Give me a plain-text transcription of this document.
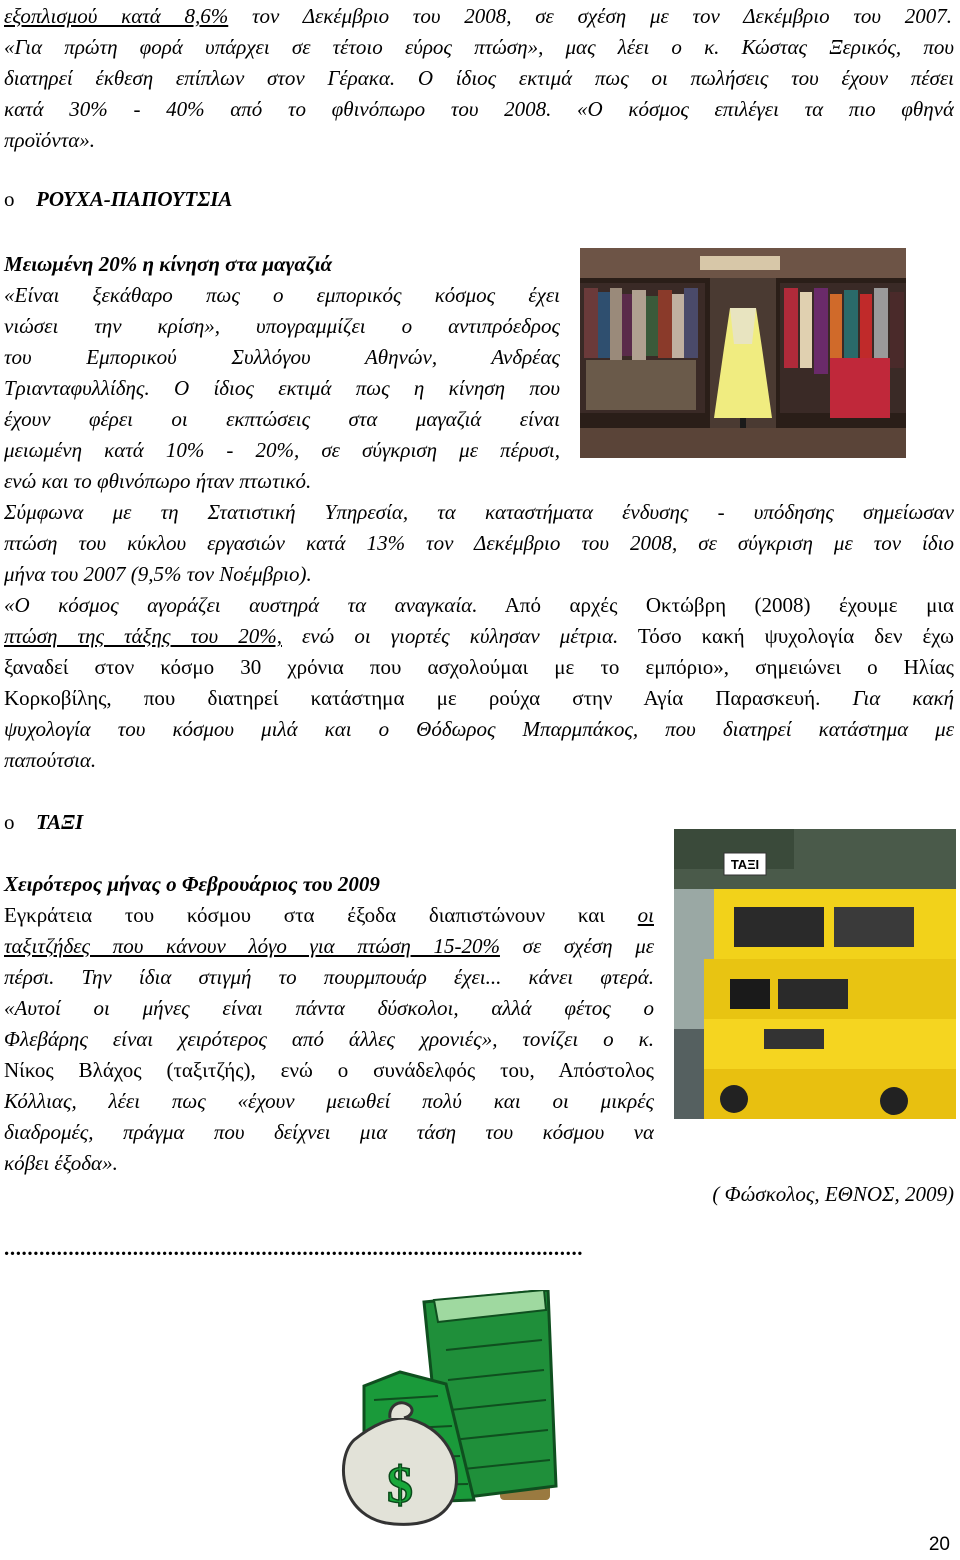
εξοπλισμού κατά 8,6% τον Δεκέμβριο του 2008, σε σχέση με τον Δεκέμβριο του 2007.
«Για πρώτη φορά υπάρχει σε τέτοιο εύρος πτώση», μας λέει ο κ. Κώστας Ξερικός, που
διατηρεί έκθεση επίπλων στον Γέρακα. Ο ίδιος εκτιμά πως οι πωλήσεις του έχουν πέσει
κατά 30% - 40% από το φθινόπωρο του 2008. «Ο κόσμος επιλέγει τα πιο φθηνά
προϊόντα».
o ΡΟΥΧΑ-ΠΑΠΟΥΤΣΙΑ
Μειωμένη 20% η κίνηση στα μαγαζιά
«Είναι ξεκάθαρο πως ο εμπορικός κόσμος έχει
νιώσει την κρίση», υπογραμμίζει ο αντιπρόεδρος
του Εμπορικού Συλλόγου Αθηνών, Ανδρέας
Τριανταφυλλίδης. Ο ίδιος εκτιμά πως η κίνηση που
έχουν φέρει οι εκπτώσεις στα μαγαζιά είναι
μειωμένη κατά 10% - 20%, σε σύγκριση με πέρυσι,
ενώ και το φθινόπωρο ήταν πτωτικό.
Σύμφωνα με τη Στατιστική Υπηρεσία, τα καταστήματα ένδυσης - υπόδησης σημείωσαν
πτώση του κύκλου εργασιών κατά 13% τον Δεκέμβριο του 2008, σε σύγκριση με τον ίδιο
μήνα του 2007 (9,5% τον Νοέμβριο).
«Ο κόσμος αγοράζει αυστηρά τα αναγκαία. Από αρχές Οκτώβρη (2008) έχουμε μια
πτώση της τάξης του 20%, ενώ οι γιορτές κύλησαν μέτρια. Τόσο κακή ψυχολογία δεν έχω
ξαναδεί στον κόσμο 30 χρόνια που ασχολούμαι με το εμπόριο», σημειώνει ο Ηλίας
Κορκοβίλης, που διατηρεί κατάστημα με ρούχα στην Αγία Παρασκευή. Για κακή
ψυχολογία του κόσμου μιλά και ο Θόδωρος Μπαρμπάκος, που διατηρεί κατάστημα με
παπούτσια.
o ΤΑΞΙ
Χειρότερος μήνας ο Φεβρουάριος του 2009
Εγκράτεια του κόσμου στα έξοδα διαπιστώνουν και οι
ταξιτζήδες που κάνουν λόγο για πτώση 15-20% σε σχέση με
πέρσι. Την ίδια στιγμή το πουρμπουάρ έχει... κάνει φτερά.
«Αυτοί οι μήνες είναι πάντα δύσκολοι, αλλά φέτος ο
Φλεβάρης είναι χειρότερος από άλλες χρονιές», τονίζει ο κ.
Νίκος Βλάχος (ταξιτζής), ενώ ο συνάδελφός του, Απόστολος
Κόλλιας, λέει πως «έχουν μειωθεί πολύ και οι μικρές
διαδρομές, πράγμα που δείχνει μια τάση του κόσμου να
κόβει έξοδα».
ΤΑΞΙ
( Φώσκολος, ΕΘΝΟΣ, 2009)
...................................................................................................
$
20
